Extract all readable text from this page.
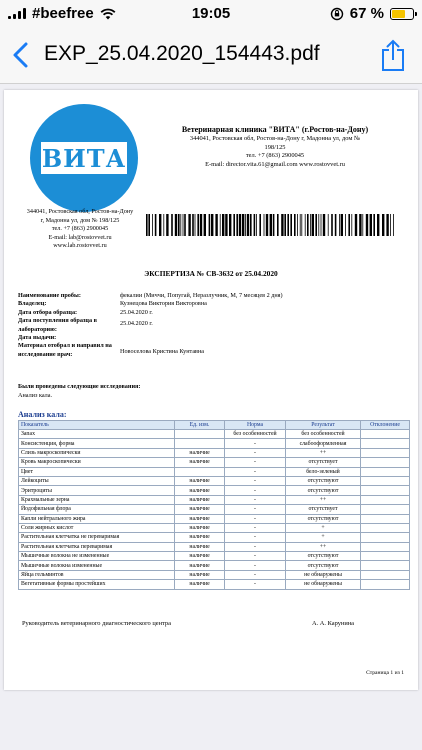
#beefree	19:05	67 %
EXP_25.04.2020_154443.pdf
ВИТА
Ветеринарная клиника "ВИТА" (г.Ростов-на-Дону)
344041, Ростовская обл, Ростов-на-Дону г, Мадонна ул, дом №
198/125
тел. +7 (863) 2900045
E-mail: director.vita.61@gmail.com www.rostovvet.ru
344041, Ростовская обл, Ростов-на-Дону
г, Мадонна ул, дом № 198/125
тел. +7 (863) 2900045
E-mail: lab@rostovvet.ru
www.lab.rostovvet.ru
ЭКСПЕРТИЗА № СВ-3632 от 25.04.2020
Наименование пробы:	фекалии (Миччи, Попугай, Неразлучник, М, 7 месяцев 2 дня)
Владелец:	Кузнецова Виктория Викторовна
Дата отбора образца:	25.04.2020 г.
Дата поступления образца в лабораторию:
25.04.2020 г.
Дата выдачи:
Материал отобрал и направил на исследование врач:	Новоселова Кристина Кунтавна
Были проведены следующие исследования:
Анализ кала.
Анализ кала:
Показатель	Ед. изм.	Норма	Результат	Отклонение
Запах		без особенностей	без особенностей	
Консистенция, форма		-	слабооформленная	
Слизь макроскопически	наличие	-	++	
Кровь макроскопически	наличие	-	отсутствует	
Цвет		-	бело-зеленый	
Лейкоциты	наличие	-	отсутствуют	
Эритроциты	наличие	-	отсутствуют	
Крахмальные зерна	наличие	-	++	
Йодофильная флора	наличие	-	отсутствует	
Капли нейтрального жира	наличие	-	отсутствуют	
Соли жирных кислот	наличие	-	+	
Растительная клетчатка не переваримая	наличие	-	+	
Растительная клетчатка переваримая	наличие	-	++	
Мышечные волокна не измененные	наличие	-	отсутствуют	
Мышечные волокна измененные	наличие	-	отсутствуют	
Яйца гельминтов	наличие	-	не обнаружены	
Вегетативные формы простейших	наличие	-	не обнаружены	
Руководитель ветеринарного диагностического центра	А. А. Карунина
Страница 1 из 1
